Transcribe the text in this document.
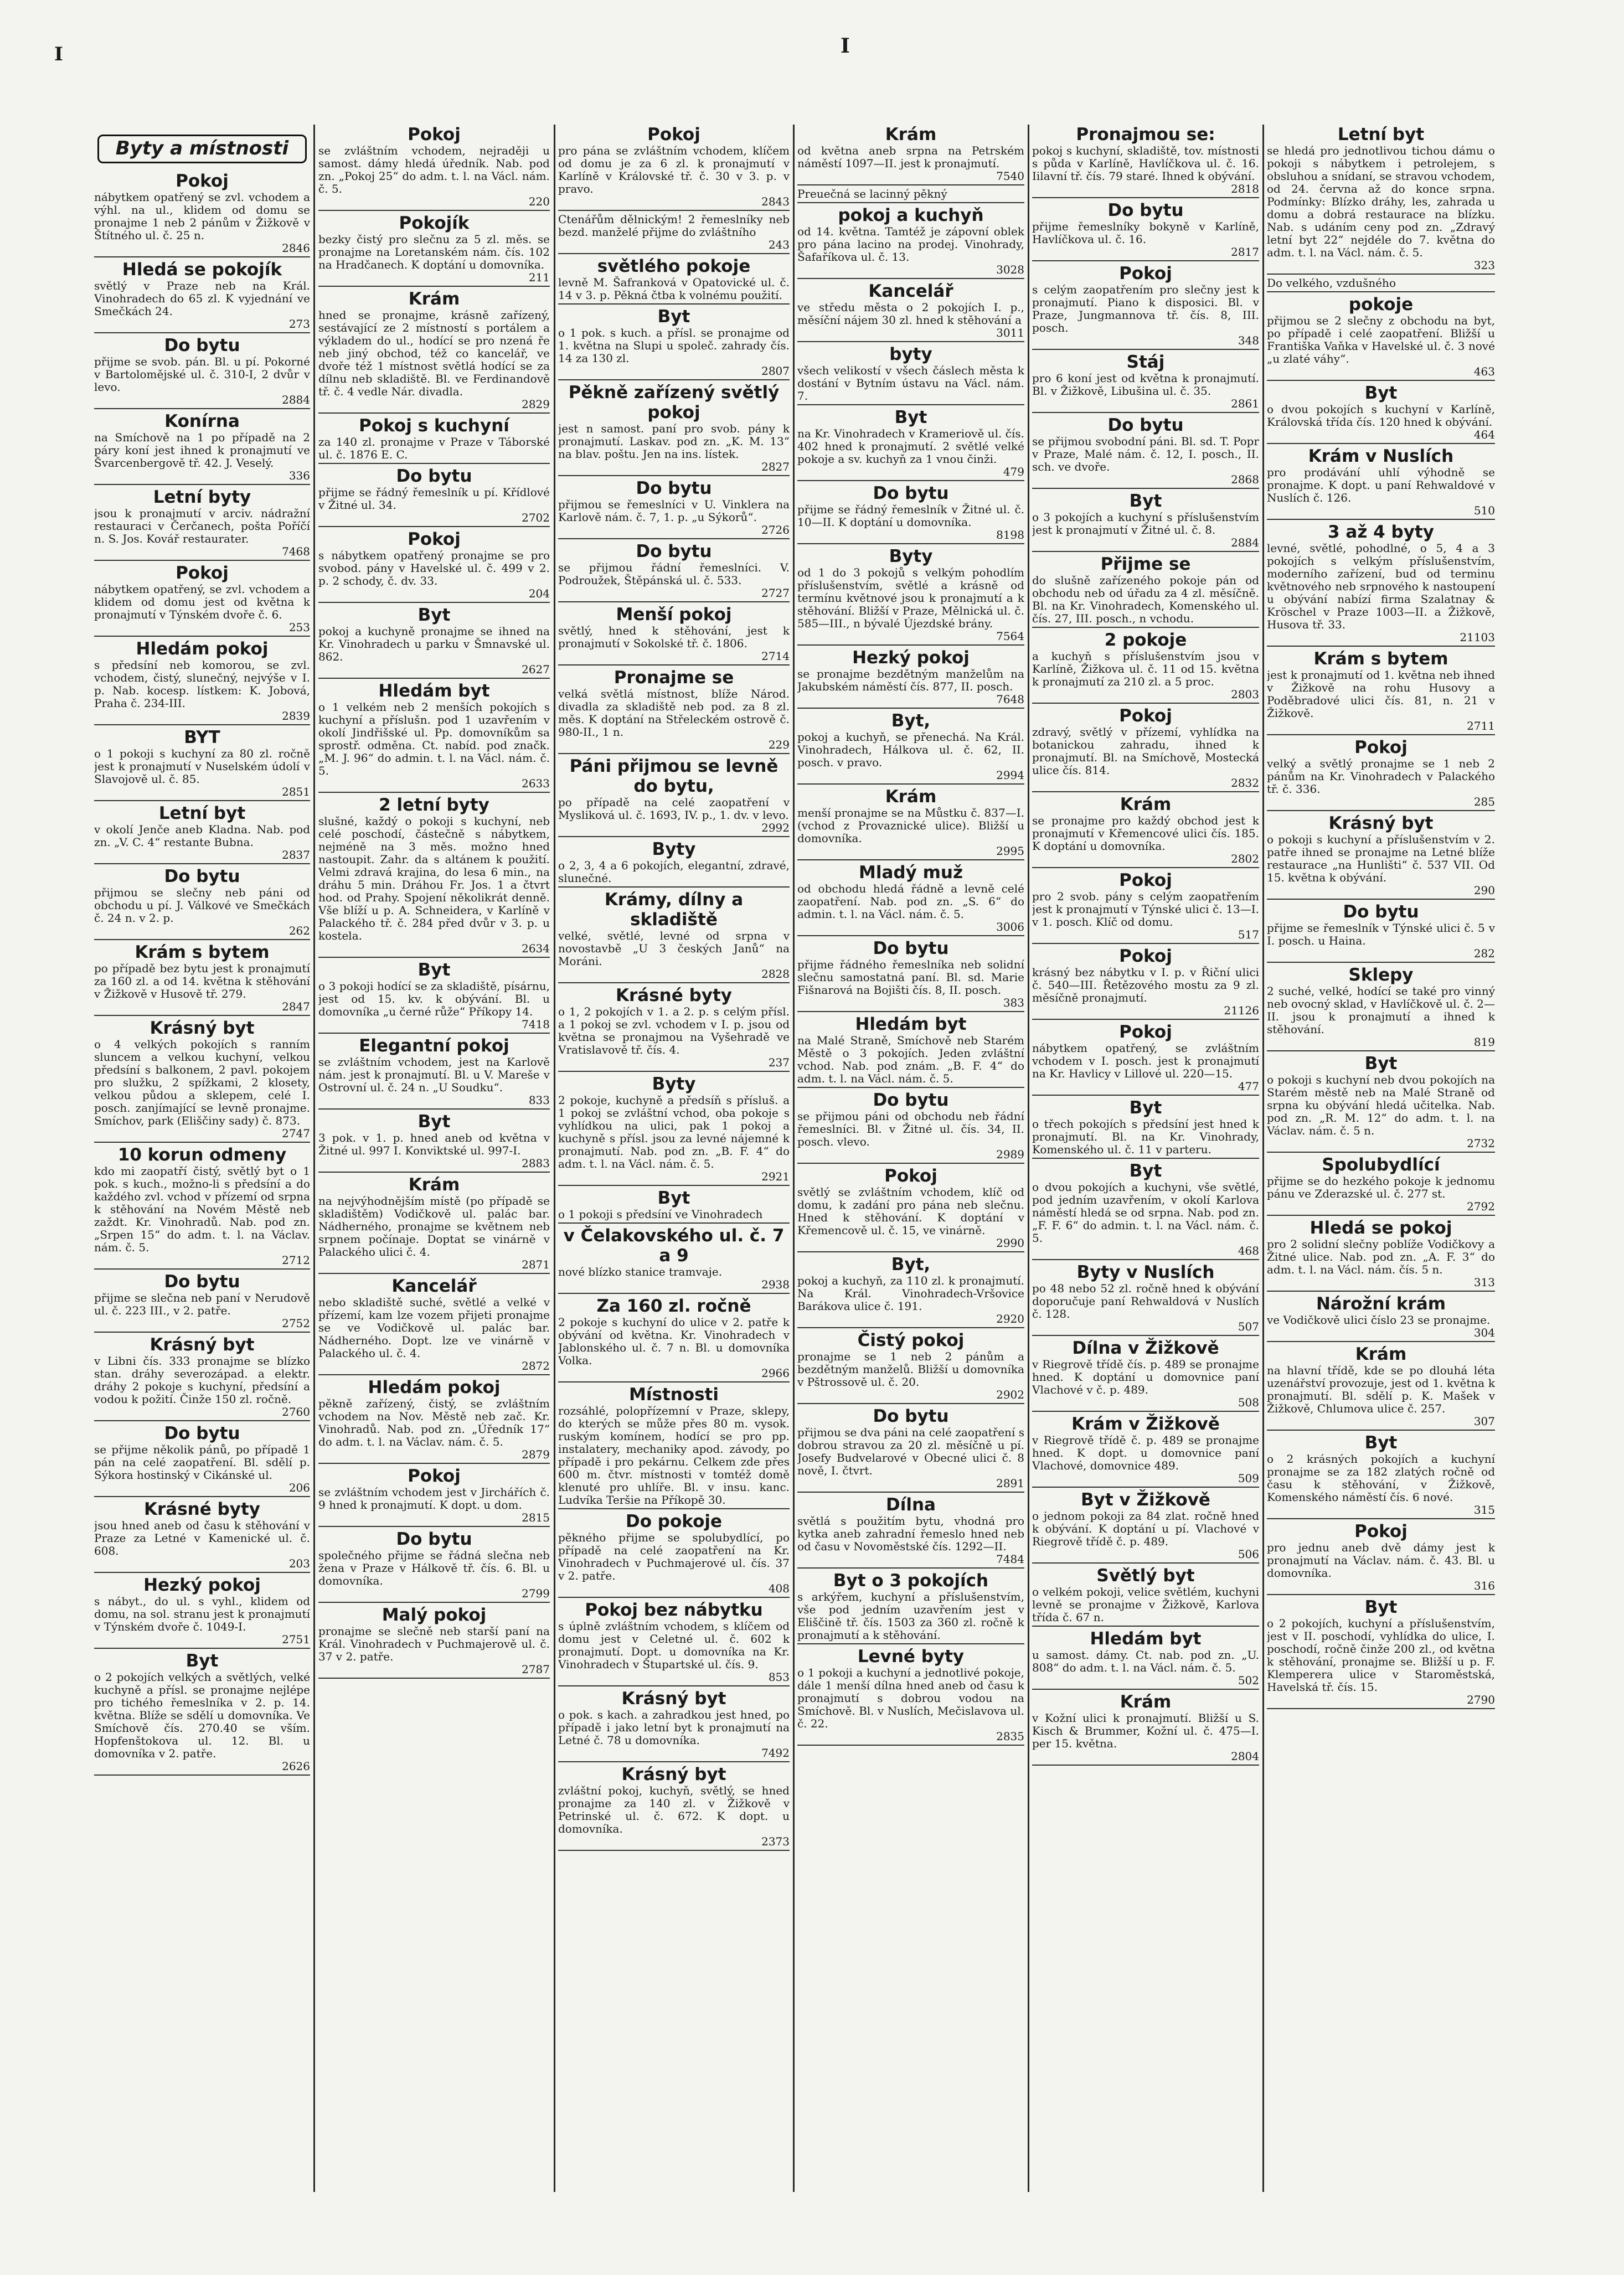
I	I
Byty a místnosti
Pokoj
nábytkem opatřený se zvl. vchodem a výhl. na ul., klidem od domu se pronajme 1 neb 2 pánům v Žižkově v Štítného ul. č. 25 n.
2846
Hledá se pokojík
světlý v Praze neb na Král. Vinohradech do 65 zl. K vyjednání ve Smečkách 24.
273
Do bytu
přijme se svob. pán. Bl. u pí. Pokorné v Bartolomějské ul. č. 310-I, 2 dvůr v levo.
2884
Konírna
na Smíchově na 1 po případě na 2 páry koní jest ihned k pronajmutí ve Švarcenbergově tř. 42. J. Veselý.
336
Letní byty
jsou k pronajmutí v arciv. nádražní restauraci v Čerčanech, pošta Poříčí n. S. Jos. Kovář restaurater.
7468
Pokoj
nábytkem opatřený, se zvl. vchodem a klidem od domu jest od května k pronajmutí v Týnském dvoře č. 6.
253
Hledám pokoj
s předsíní neb komorou, se zvl. vchodem, čistý, slunečný, nejvýše v I. p. Nab. kocesp. lístkem: K. Jobová, Praha č. 234-III.
2839
BYT
o 1 pokoji s kuchyní za 80 zl. ročně jest k pronajmutí v Nuselském údolí v Slavojově ul. č. 85.
2851
Letní byt
v okolí Jenče aneb Kladna. Nab. pod zn. „V. C. 4“ restante Bubna.
2837
Do bytu
přijmou se slečny neb páni od obchodu u pí. J. Válkové ve Smečkách č. 24 n. v 2. p.
262
Krám s bytem
po případě bez bytu jest k pronajmutí za 160 zl. a od 14. května k stěhování v Žižkově v Husově tř. 279.
2847
Krásný byt
o 4 velkých pokojích s ranním sluncem a velkou kuchyní, velkou předsíní s balkonem, 2 pavl. pokojem pro služku, 2 spížkami, 2 klosety, velkou půdou a sklepem, celé I. posch. zanjímající se levně pronajme. Smíchov, park (Eliščiny sady) č. 873.
2747
10 korun odmeny
kdo mi zaopatří čistý, světlý byt o 1 pok. s kuch., možno-li s předsíní a do každého zvl. vchod v přízemí od srpna k stěhování na Novém Městě neb zaždt. Kr. Vinohradů. Nab. pod zn. „Srpen 15“ do adm. t. l. na Václav. nám. č. 5.
2712
Do bytu
přijme se slečna neb paní v Nerudově ul. č. 223 III., v 2. patře.
2752
Krásný byt
v Libni čís. 333 pronajme se blízko stan. dráhy severozápad. a elektr. dráhy 2 pokoje s kuchyní, předsíní a vodou k požití. Činže 150 zl. ročně.
2760
Do bytu
se přijme několik pánů, po případě 1 pán na celé zaopatření. Bl. sdělí p. Sýkora hostinský v Cikánské ul.
206
Krásné byty
jsou hned aneb od času k stěhování v Praze za Letné v Kamenické ul. č. 608.
203
Hezký pokoj
s nábyt., do ul. s vyhl., klidem od domu, na sol. stranu jest k pronajmutí v Týnském dvoře č. 1049-I.
2751
Byt
o 2 pokojích velkých a světlých, velké kuchyně a přísl. se pronajme nejlépe pro tichého řemeslníka v 2. p. 14. května. Blíže se sdělí u domovníka. Ve Smíchově čís. 270.40 se vším. Hopfenštokova ul. 12. Bl. u domovníka v 2. patře.
2626
Pokoj
se zvláštním vchodem, nejraději u samost. dámy hledá úředník. Nab. pod zn. „Pokoj 25“ do adm. t. l. na Václ. nám. č. 5.
220
Pokojík
bezky čistý pro slečnu za 5 zl. měs. se pronajme na Loretanském nám. čís. 102 na Hradčanech. K doptání u domovníka.
211
Krám
hned se pronajme, krásně zařízený, sestávající ze 2 místností s portálem a výkladem do ul., hodící se pro nzená ře neb jiný obchod, též co kancelář, ve dvoře též 1 místnost světlá hodící se za dílnu neb skladiště. Bl. ve Ferdinandově tř. č. 4 vedle Nár. divadla.
2829
Pokoj s kuchyní
za 140 zl. pronajme v Praze v Táborské ul. č. 1876 E. C.
Do bytu
přijme se řádný řemeslník u pí. Křídlové v Žitné ul. 34.
2702
Pokoj
s nábytkem opatřený pronajme se pro svobod. pány v Havelské ul. č. 499 v 2. p. 2 schody, č. dv. 33.
204
Byt
pokoj a kuchyně pronajme se ihned na Kr. Vinohradech u parku v Šmnavské ul. 862.
2627
Hledám byt
o 1 velkém neb 2 menších pokojích s kuchyní a příslušn. pod 1 uzavřením v okolí Jindřišské ul. Pp. domovníkům sa sprostř. odměna. Ct. nabíd. pod značk. „M. J. 96“ do admin. t. l. na Václ. nám. č. 5.
2633
2 letní byty
slušné, každý o pokoji s kuchyní, neb celé poschodí, částečně s nábytkem, nejméně na 3 měs. možno hned nastoupit. Zahr. da s altánem k použití. Velmi zdravá krajina, do lesa 6 min., na dráhu 5 min. Dráhou Fr. Jos. 1 a čtvrt hod. od Prahy. Spojení několikrát denně. Vše blíží u p. A. Schneidera, v Karlíně v Palackého tř. č. 284 před dvůr v 3. p. u kostela.
2634
Byt
o 3 pokoji hodící se za skladiště, písárnu, jest od 15. kv. k obývání. Bl. u domovníka „u černé růže“ Příkopy 14.
7418
Elegantní pokoj
se zvláštním vchodem, jest na Karlově nám. jest k pronajmutí. Bl. u V. Mareše v Ostrovní ul. č. 24 n. „U Soudku“.
833
Byt
3 pok. v 1. p. hned aneb od května v Žitné ul. 997 I. Konviktské ul. 997-I.
2883
Krám
na nejvýhodnějším místě (po případě se skladištěm) Vodičkově ul. palác bar. Nádherného, pronajme se květnem neb srpnem počínaje. Doptat se vinárně v Palackého ulici č. 4.
2871
Kancelář
nebo skladiště suché, světlé a velké v přízemí, kam lze vozem přijeti pronajme se ve Vodičkově ul. palác bar. Nádherného. Dopt. lze ve vinárně v Palackého ul. č. 4.
2872
Hledám pokoj
pěkně zařízený, čistý, se zvláštním vchodem na Nov. Městě neb zač. Kr. Vinohradů. Nab. pod zn. „Úředník 17“ do adm. t. l. na Václav. nám. č. 5.
2879
Pokoj
se zvláštním vchodem jest v Jirchářích č. 9 hned k pronajmutí. K dopt. u dom.
2815
Do bytu
společného přijme se řádná slečna neb žena v Praze v Hálkově tř. čís. 6. Bl. u domovníka.
2799
Malý pokoj
pronajme se slečně neb starší paní na Král. Vinohradech v Puchmajerově ul. č. 37 v 2. patře.
2787
Pokoj
pro pána se zvláštním vchodem, klíčem od domu je za 6 zl. k pronajmutí v Karlíně v Královské tř. č. 30 v 3. p. v pravo.
2843
Ctenářům dělnickým! 2 řemeslníky neb bezd. manželé přijme do zvláštního
243
světlého pokoje
levně M. Šafranková v Opatovické ul. č. 14 v 3. p. Pěkná čtba k volnému použití.
Byt
o 1 pok. s kuch. a přísl. se pronajme od 1. května na Slupi u společ. zahrady čís. 14 za 130 zl.
2807
Pěkně zařízený světlý pokoj
jest n samost. paní pro svob. pány k pronajmutí. Laskav. pod zn. „K. M. 13“ na blav. poštu. Jen na ins. lístek.
2827
Do bytu
přijmou se řemeslníci v U. Vinklera na Karlově nám. č. 7, 1. p. „u Sýkorů“.
2726
Do bytu
se přijmou řádní řemeslníci. V. Podroužek, Štěpánská ul. č. 533.
2727
Menší pokoj
světlý, hned k stěhování, jest k pronajmutí v Sokolské tř. č. 1806.
2714
Pronajme se
velká světlá místnost, blíže Národ. divadla za skladiště neb pod. za 8 zl. měs. K doptání na Střeleckém ostrově č. 980-II., 1 n.
229
Páni přijmou se levně do bytu,
po případě na celé zaopatření v Mysliková ul. č. 1693, IV. p., 1. dv. v levo.
2992
Byty
o 2, 3, 4 a 6 pokojích, elegantní, zdravé, slunečné.
Krámy, dílny a skladiště
velké, světlé, levné od srpna v novostavbě „U 3 českých Janů“ na Moráni.
2828
Krásné byty
o 1, 2 pokojích v 1. a 2. p. s celým přísl. a 1 pokoj se zvl. vchodem v I. p. jsou od května se pronajmou na Vyšehradě ve Vratislavově tř. čís. 4.
237
Byty
2 pokoje, kuchyně a předsíň s přísluš. a 1 pokoj se zvláštní vchod, oba pokoje s vyhlídkou na ulici, pak 1 pokoj a kuchyně s přísl. jsou za levné nájemné k pronajmutí. Nab. pod zn. „B. F. 4“ do adm. t. l. na Václ. nám. č. 5.
2921
Byt
o 1 pokoji s předsíní ve Vinohradech
v Čelakovského ul. č. 7 a 9
nové blízko stanice tramvaje.
2938
Za 160 zl. ročně
2 pokoje s kuchyní do ulice v 2. patře k obývání od května. Kr. Vinohradech v Jablonského ul. č. 7 n. Bl. u domovníka Volka.
2966
Místnosti
rozsáhlé, polopřízemní v Praze, sklepy, do kterých se může přes 80 m. vysok. ruským komínem, hodící se pro pp. instalatery, mechaniky apod. závody, po případě i pro pekárnu. Celkem zde přes 600 m. čtvr. místnosti v tomtéž domě klenuté pro uhlíře. Bl. v insu. kanc. Ludvíka Teršie na Příkopě 30.
Do pokoje
pěkného přijme se spolubydlící, po případě na celé zaopatření na Kr. Vinohradech v Puchmajerové ul. čís. 37 v 2. patře.
408
Pokoj bez nábytku
s úplně zvláštním vchodem, s klíčem od domu jest v Celetné ul. č. 602 k pronajmutí. Dopt. u domovníka na Kr. Vinohradech v Štupartské ul. čís. 9.
853
Krásný byt
o pok. s kach. a zahradkou jest hned, po případě i jako letní byt k pronajmutí na Letné č. 78 u domovníka.
7492
Krásný byt
zvláštní pokoj, kuchyň, světlý, se hned pronajme za 140 zl. v Žižkově v Petrinské ul. č. 672. K dopt. u domovníka.
2373
Krám
od května aneb srpna na Petrském náměstí 1097—II. jest k pronajmutí.
7540
Preuečná se lacinný pěkný
pokoj a kuchyň
od 14. května. Tamtéž je zápovní oblek pro pána lacino na prodej. Vinohrady, Šafaříkova ul. č. 13.
3028
Kancelář
ve středu města o 2 pokojích I. p., měsíční nájem 30 zl. hned k stěhování a
3011
byty
všech velikostí v všech čáslech města k dostání v Bytním ústavu na Václ. nám. 7.
Byt
na Kr. Vinohradech v Krameriově ul. čís. 402 hned k pronajmutí. 2 světlé velké pokoje a sv. kuchyň za 1 vnou činži.
479
Do bytu
přijme se řádný řemeslník v Žitné ul. č. 10—II. K doptání u domovníka.
8198
Byty
od 1 do 3 pokojů s velkým pohodlím příslušenstvím, světlé a krásně od termínu květnové jsou k pronajmutí a k stěhování. Bližší v Praze, Mělnická ul. č. 585—III., n bývalé Újezdské brány.
7564
Hezký pokoj
se pronajme bezdětným manželům na Jakubském náměstí čís. 877, II. posch.
7648
Byt,
pokoj a kuchyň, se přenechá. Na Král. Vinohradech, Hálkova ul. č. 62, II. posch. v pravo.
2994
Krám
menší pronajme se na Můstku č. 837—I. (vchod z Provaznické ulice). Bližší u domovníka.
2995
Mladý muž
od obchodu hledá řádně a levně celé zaopatření. Nab. pod zn. „S. 6“ do admin. t. l. na Václ. nám. č. 5.
3006
Do bytu
přijme řádného řemeslníka neb solidní slečnu samostatná paní. Bl. sd. Marie Fišnarová na Bojišti čís. 8, II. posch.
383
Hledám byt
na Malé Straně, Smíchově neb Starém Městě o 3 pokojích. Jeden zvláštní vchod. Nab. pod znám. „B. F. 4“ do adm. t. l. na Václ. nám. č. 5.
Do bytu
se přijmou páni od obchodu neb řádní řemeslníci. Bl. v Žitné ul. čís. 34, II. posch. vlevo.
2989
Pokoj
světlý se zvláštním vchodem, klíč od domu, k zadání pro pána neb slečnu. Hned k stěhování. K doptání v Křemencově ul. č. 15, ve vinárně.
2990
Byt,
pokoj a kuchyň, za 110 zl. k pronajmutí. Na Král. Vinohradech-Vršovice Barákova ulice č. 191.
2920
Čistý pokoj
pronajme se 1 neb 2 pánům a bezdětným manželů. Bližší u domovníka v Pštrossově ul. č. 20.
2902
Do bytu
přijmou se dva páni na celé zaopatření s dobrou stravou za 20 zl. měsíčně u pí. Josefy Budvelarové v Obecné ulici č. 8 nově, I. čtvrt.
2891
Dílna
světlá s použitím bytu, vhodná pro kytka aneb zahradní řemeslo hned neb od času v Novoměstské čís. 1292—II.
7484
Byt o 3 pokojích
s arkýřem, kuchyní a příslušenstvím, vše pod jedním uzavřením jest v Eliščině tř. čís. 1503 za 360 zl. ročně k pronajmutí a k stěhování.
Levné byty
o 1 pokoji a kuchyní a jednotlivé pokoje, dále 1 menší dílna hned aneb od času k pronajmutí s dobrou vodou na Smíchově. Bl. v Nuslích, Mečislavova ul. č. 22.
2835
Pronajmou se:
pokoj s kuchyní, skladiště, tov. místnosti s půda v Karlíně, Havlíčkova ul. č. 16. Iilavní tř. čís. 79 staré. Ihned k obývání.
2818
Do bytu
přijme řemeslníky bokyně v Karlíně, Havlíčkova ul. č. 16.
2817
Pokoj
s celým zaopatřením pro slečny jest k pronajmutí. Piano k disposici. Bl. v Praze, Jungmannova tř. čís. 8, III. posch.
348
Stáj
pro 6 koní jest od května k pronajmutí. Bl. v Žižkově, Libušina ul. č. 35.
2861
Do bytu
se přijmou svobodní páni. Bl. sd. T. Popr v Praze, Malé nám. č. 12, I. posch., II. sch. ve dvoře.
2868
Byt
o 3 pokojích a kuchyní s příslušenstvím jest k pronajmutí v Žitné ul. č. 8.
2884
Přijme se
do slušně zařízeného pokoje pán od obchodu neb od úřadu za 4 zl. měsíčně. Bl. na Kr. Vinohradech, Komenského ul. čís. 27, III. posch., n vchodu.
2 pokoje
a kuchyň s příslušenstvím jsou v Karlíně, Žižkova ul. č. 11 od 15. května k pronajmutí za 210 zl. a 5 proc.
2803
Pokoj
zdravý, světlý v přízemí, vyhlídka na botanickou zahradu, ihned k pronajmutí. Bl. na Smíchově, Mostecká ulice čís. 814.
2832
Krám
se pronajme pro každý obchod jest k pronajmutí v Křemencové ulici čís. 185. K doptání u domovníka.
2802
Pokoj
pro 2 svob. pány s celým zaopatřením jest k pronajmutí v Týnské ulici č. 13—I. v 1. posch. Klíč od domu.
517
Pokoj
krásný bez nábytku v I. p. v Řiční ulici č. 540—III. Řetězového mostu za 9 zl. měsíčně pronajmutí.
21126
Pokoj
nábytkem opatřený, se zvláštním vchodem v I. posch. jest k pronajmutí na Kr. Havlicy v Lillové ul. 220—15.
477
Byt
o třech pokojích s předsíní jest hned k pronajmutí. Bl. na Kr. Vinohrady, Komenského ul. č. 11 v parteru.
Byt
o dvou pokojích a kuchyni, vše světlé, pod jedním uzavřením, v okolí Karlova náměstí hledá se od srpna. Nab. pod zn. „F. F. 6“ do admin. t. l. na Václ. nám. č. 5.
468
Byty v Nuslích
po 48 nebo 52 zl. ročně hned k obývání doporučuje paní Rehwaldová v Nuslích č. 128.
507
Dílna v Žižkově
v Riegrově třídě čís. p. 489 se pronajme hned. K doptání u domovnice paní Vlachové v č. p. 489.
508
Krám v Žižkově
v Riegrově třídě č. p. 489 se pronajme hned. K dopt. u domovnice paní Vlachové, domovnice 489.
509
Byt v Žižkově
o jednom pokoji za 84 zlat. ročně hned k obývání. K doptání u pí. Vlachové v Riegrově třídě č. p. 489.
506
Světlý byt
o velkém pokoji, velice světlém, kuchyni levně se pronajme v Žižkově, Karlova třída č. 67 n.
Hledám byt
u samost. dámy. Ct. nab. pod zn. „U. 808“ do adm. t. l. na Václ. nám. č. 5.
502
Krám
v Kožní ulici k pronajmutí. Bližší u S. Kisch & Brummer, Kožní ul. č. 475—I. per 15. května.
2804
Letní byt
se hledá pro jednotlivou tichou dámu o pokoji s nábytkem i petrolejem, s obsluhou a snídaní, se stravou vchodem, od 24. června až do konce srpna. Podmínky: Blízko dráhy, les, zahrada u domu a dobrá restaurace na blízku. Nab. s udáním ceny pod zn. „Zdravý letní byt 22“ nejdéle do 7. května do adm. t. l. na Václ. nám. č. 5.
323
Do velkého, vzdušného
pokoje
přijmou se 2 slečny z obchodu na byt, po případě i celé zaopatření. Bližší u Františka Vaňka v Havelské ul. č. 3 nové „u zlaté váhy“.
463
Byt
o dvou pokojích s kuchyní v Karlíně, Královská třída čís. 120 hned k obývání.
464
Krám v Nuslích
pro prodávání uhlí výhodně se pronajme. K dopt. u paní Rehwaldové v Nuslích č. 126.
510
3 až 4 byty
levné, světlé, pohodlné, o 5, 4 a 3 pokojích s velkým příslušenstvím, moderního zařízení, bud od terminu květnového neb srpnového k nastoupení u obývání nabízí firma Szalatnay & Kröschel v Praze 1003—II. a Žižkově, Husova tř. 33.
21103
Krám s bytem
jest k pronajmutí od 1. května neb ihned v Žižkově na rohu Husovy a Poděbradové ulici čís. 81, n. 21 v Žižkově.
2711
Pokoj
velký a světlý pronajme se 1 neb 2 pánům na Kr. Vinohradech v Palackého tř. č. 336.
285
Krásný byt
o pokoji s kuchyní a příslušenstvím v 2. patře ihned se pronajme na Letné blíže restaurace „na Hunlišti“ č. 537 VII. Od 15. května k obývání.
290
Do bytu
přijme se řemeslník v Týnské ulici č. 5 v I. posch. u Haina.
282
Sklepy
2 suché, velké, hodící se také pro vinný neb ovocný sklad, v Havlíčkově ul. č. 2—II. jsou k pronajmutí a ihned k stěhování.
819
Byt
o pokoji s kuchyní neb dvou pokojích na Starém městě neb na Malé Straně od srpna ku obývání hledá učitelka. Nab. pod zn. „R. M. 12“ do adm. t. l. na Václav. nám. č. 5 n.
2732
Spolubydlící
přijme se do hezkého pokoje k jednomu pánu ve Zderazské ul. č. 277 st.
2792
Hledá se pokoj
pro 2 solidní slečny poblíže Vodičkovy a Žitné ulice. Nab. pod zn. „A. F. 3“ do adm. t. l. na Václ. nám. čís. 5 n.
313
Nárožní krám
ve Vodičkově ulici číslo 23 se pronajme.
304
Krám
na hlavní třídě, kde se po dlouhá léta uzenářství provozuje, jest od 1. května k pronajmutí. Bl. sdělí p. K. Mašek v Žižkově, Chlumova ulice č. 257.
307
Byt
o 2 krásných pokojích a kuchyní pronajme se za 182 zlatých ročně od času k stěhování, v Žižkově, Komenského náměstí čís. 6 nové.
315
Pokoj
pro jednu aneb dvě dámy jest k pronajmutí na Václav. nám. č. 43. Bl. u domovníka.
316
Byt
o 2 pokojích, kuchyní a příslušenstvím, jest v II. poschodí, vyhlídka do ulice, I. poschodí, ročně činže 200 zl., od května k stěhování, pronajme se. Bližší u p. F. Klemperera ulice v Staroměstská, Havelská tř. čís. 15.
2790
